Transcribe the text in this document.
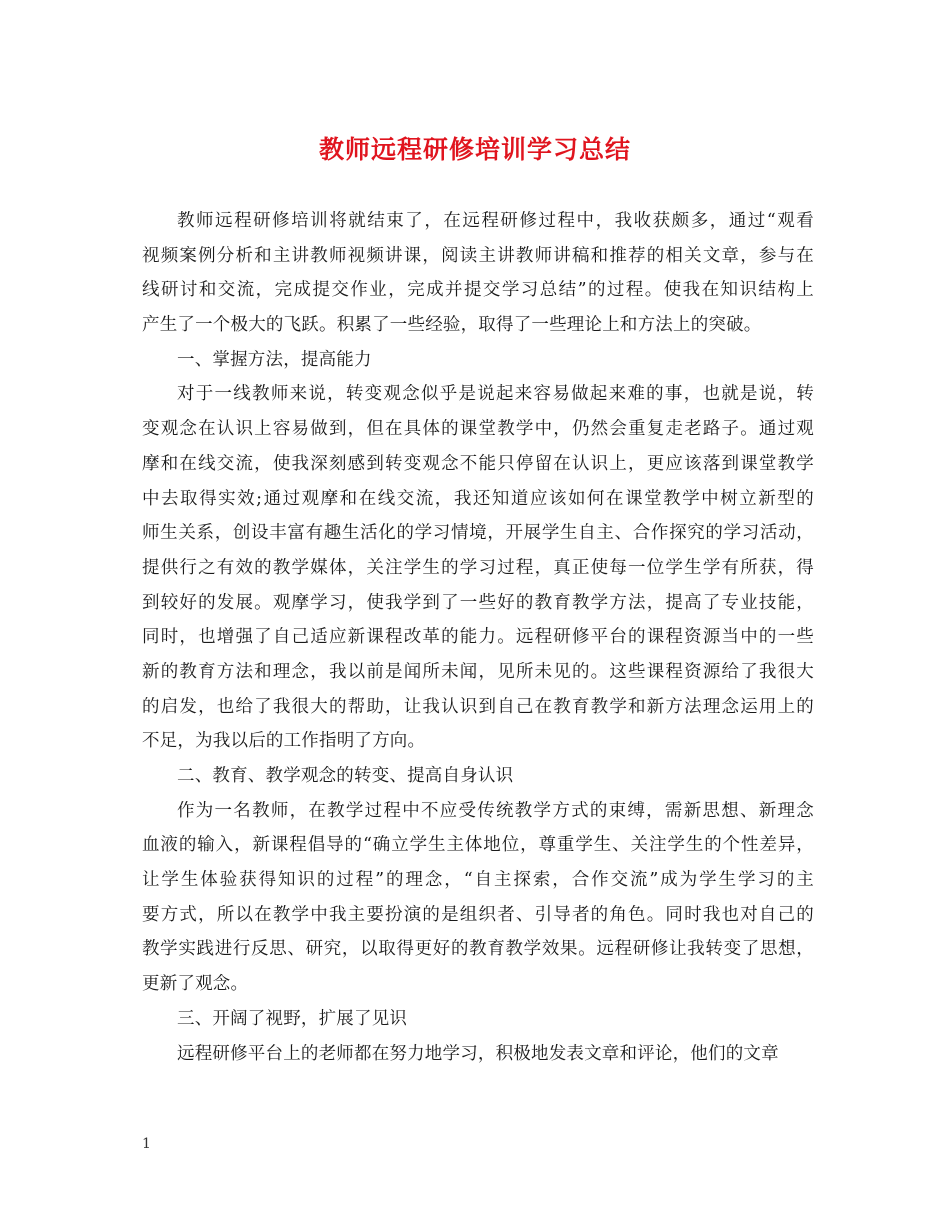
教师远程研修培训学习总结
教师远程研修培训将就结束了，在远程研修过程中，我收获颇多，通过“观看
视频案例分析和主讲教师视频讲课，阅读主讲教师讲稿和推荐的相关文章，参与在
线研讨和交流，完成提交作业，完成并提交学习总结”的过程。使我在知识结构上
产生了一个极大的飞跃。积累了一些经验，取得了一些理论上和方法上的突破。
一、掌握方法，提高能力
对于一线教师来说，转变观念似乎是说起来容易做起来难的事，也就是说，转
变观念在认识上容易做到，但在具体的课堂教学中，仍然会重复走老路子。通过观
摩和在线交流，使我深刻感到转变观念不能只停留在认识上，更应该落到课堂教学
中去取得实效;通过观摩和在线交流，我还知道应该如何在课堂教学中树立新型的
师生关系，创设丰富有趣生活化的学习情境，开展学生自主、合作探究的学习活动，
提供行之有效的教学媒体，关注学生的学习过程，真正使每一位学生学有所获，得
到较好的发展。观摩学习，使我学到了一些好的教育教学方法，提高了专业技能，
同时，也增强了自己适应新课程改革的能力。远程研修平台的课程资源当中的一些
新的教育方法和理念，我以前是闻所未闻，见所未见的。这些课程资源给了我很大
的启发，也给了我很大的帮助，让我认识到自己在教育教学和新方法理念运用上的
不足，为我以后的工作指明了方向。
二、教育、教学观念的转变、提高自身认识
作为一名教师，在教学过程中不应受传统教学方式的束缚，需新思想、新理念
血液的输入，新课程倡导的“确立学生主体地位，尊重学生、关注学生的个性差异，
让学生体验获得知识的过程”的理念，“自主探索，合作交流”成为学生学习的主
要方式，所以在教学中我主要扮演的是组织者、引导者的角色。同时我也对自己的
教学实践进行反思、研究，以取得更好的教育教学效果。远程研修让我转变了思想，
更新了观念。
三、开阔了视野，扩展了见识
远程研修平台上的老师都在努力地学习，积极地发表文章和评论，他们的文章
1
